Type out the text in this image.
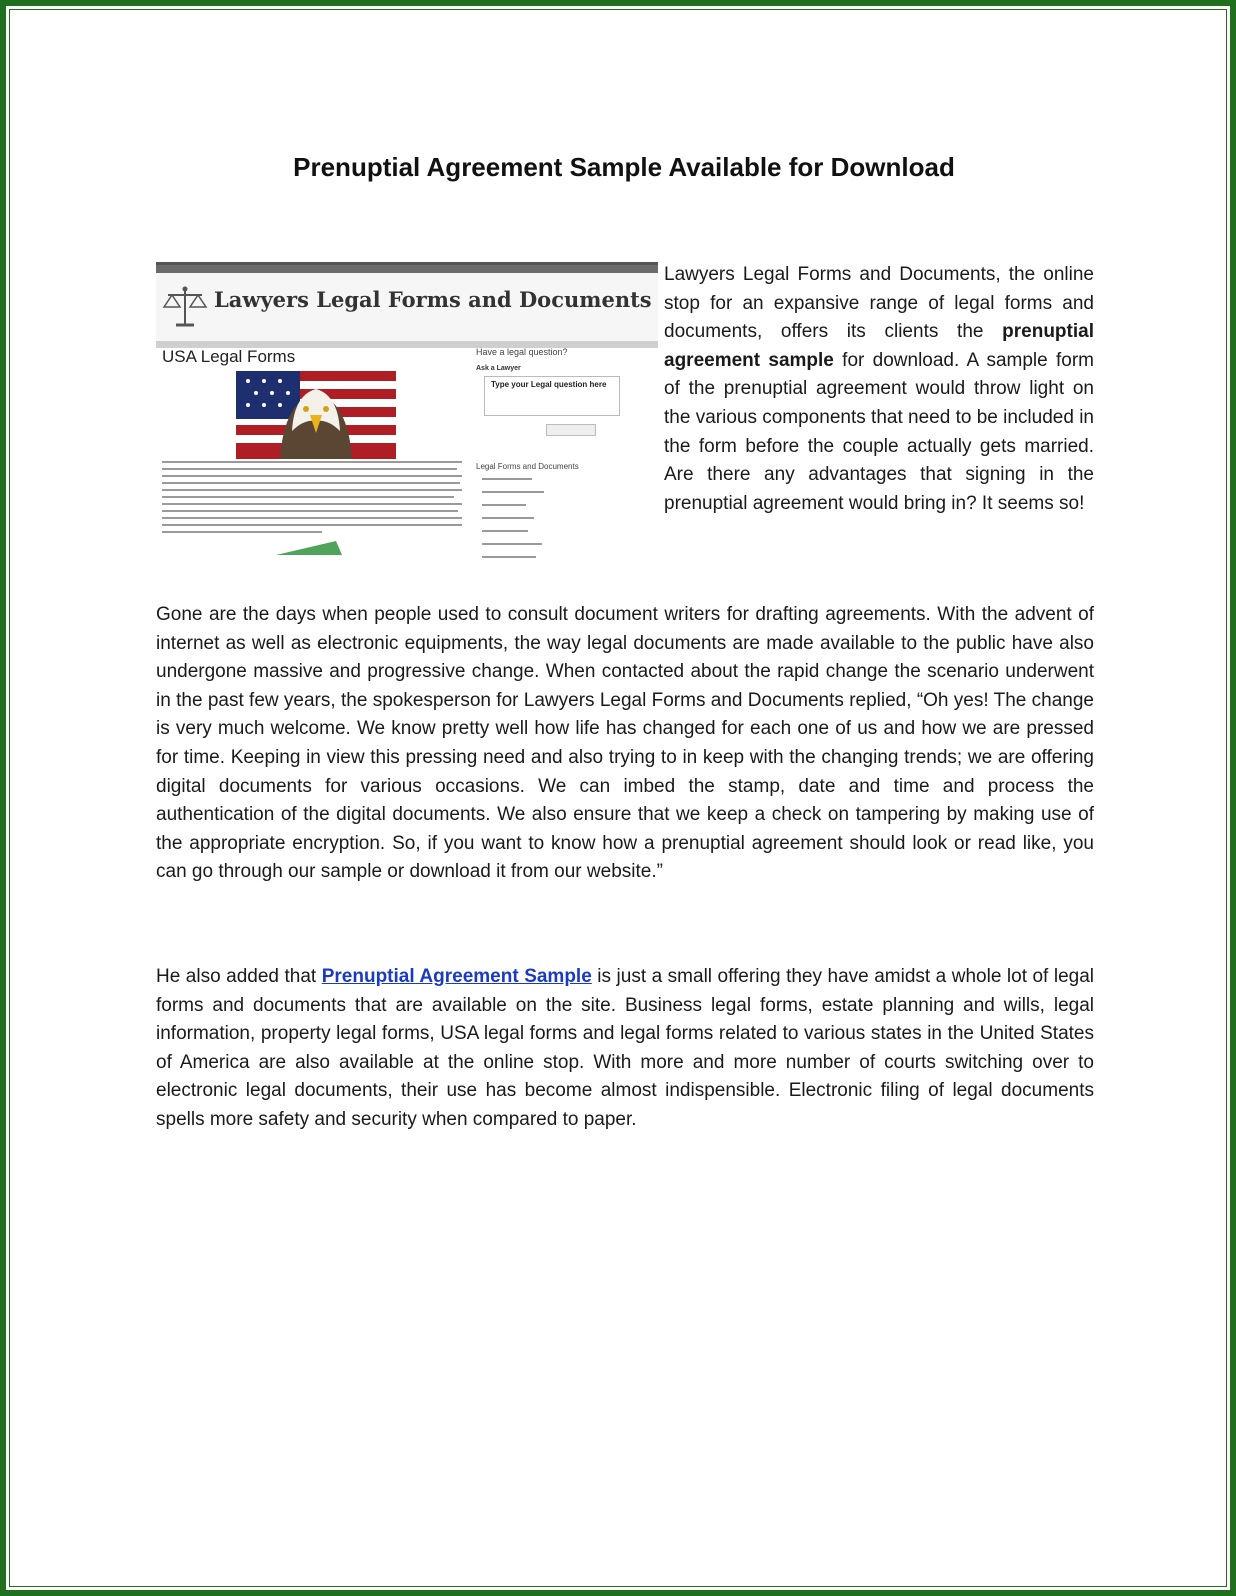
Prenuptial Agreement Sample Available for Download
Lawyers Legal Forms and Documents
USA Legal Forms	Have a legal question?
Ask a Lawyer
Type your Legal question here
Legal Forms and Documents

Lawyers Legal Forms and Documents, the online stop for an expansive range of legal forms and documents, offers its clients the prenuptial agreement sample for download. A sample form of the prenuptial agreement would throw light on the various components that need to be included in the form before the couple actually gets married. Are there any advantages that signing in the prenuptial agreement would bring in? It seems so!

Gone are the days when people used to consult document writers for drafting agreements. With the advent of internet as well as electronic equipments, the way legal documents are made available to the public have also undergone massive and progressive change. When contacted about the rapid change the scenario underwent in the past few years, the spokesperson for Lawyers Legal Forms and Documents replied, “Oh yes! The change is very much welcome. We know pretty well how life has changed for each one of us and how we are pressed for time. Keeping in view this pressing need and also trying to in keep with the changing trends; we are offering digital documents for various occasions. We can imbed the stamp, date and time and process the authentication of the digital documents. We also ensure that we keep a check on tampering by making use of the appropriate encryption. So, if you want to know how a prenuptial agreement should look or read like, you can go through our sample or download it from our website.”

He also added that Prenuptial Agreement Sample is just a small offering they have amidst a whole lot of legal forms and documents that are available on the site. Business legal forms, estate planning and wills, legal information, property legal forms, USA legal forms and legal forms related to various states in the United States of America are also available at the online stop. With more and more number of courts switching over to electronic legal documents, their use has become almost indispensible. Electronic filing of legal documents spells more safety and security when compared to paper.
